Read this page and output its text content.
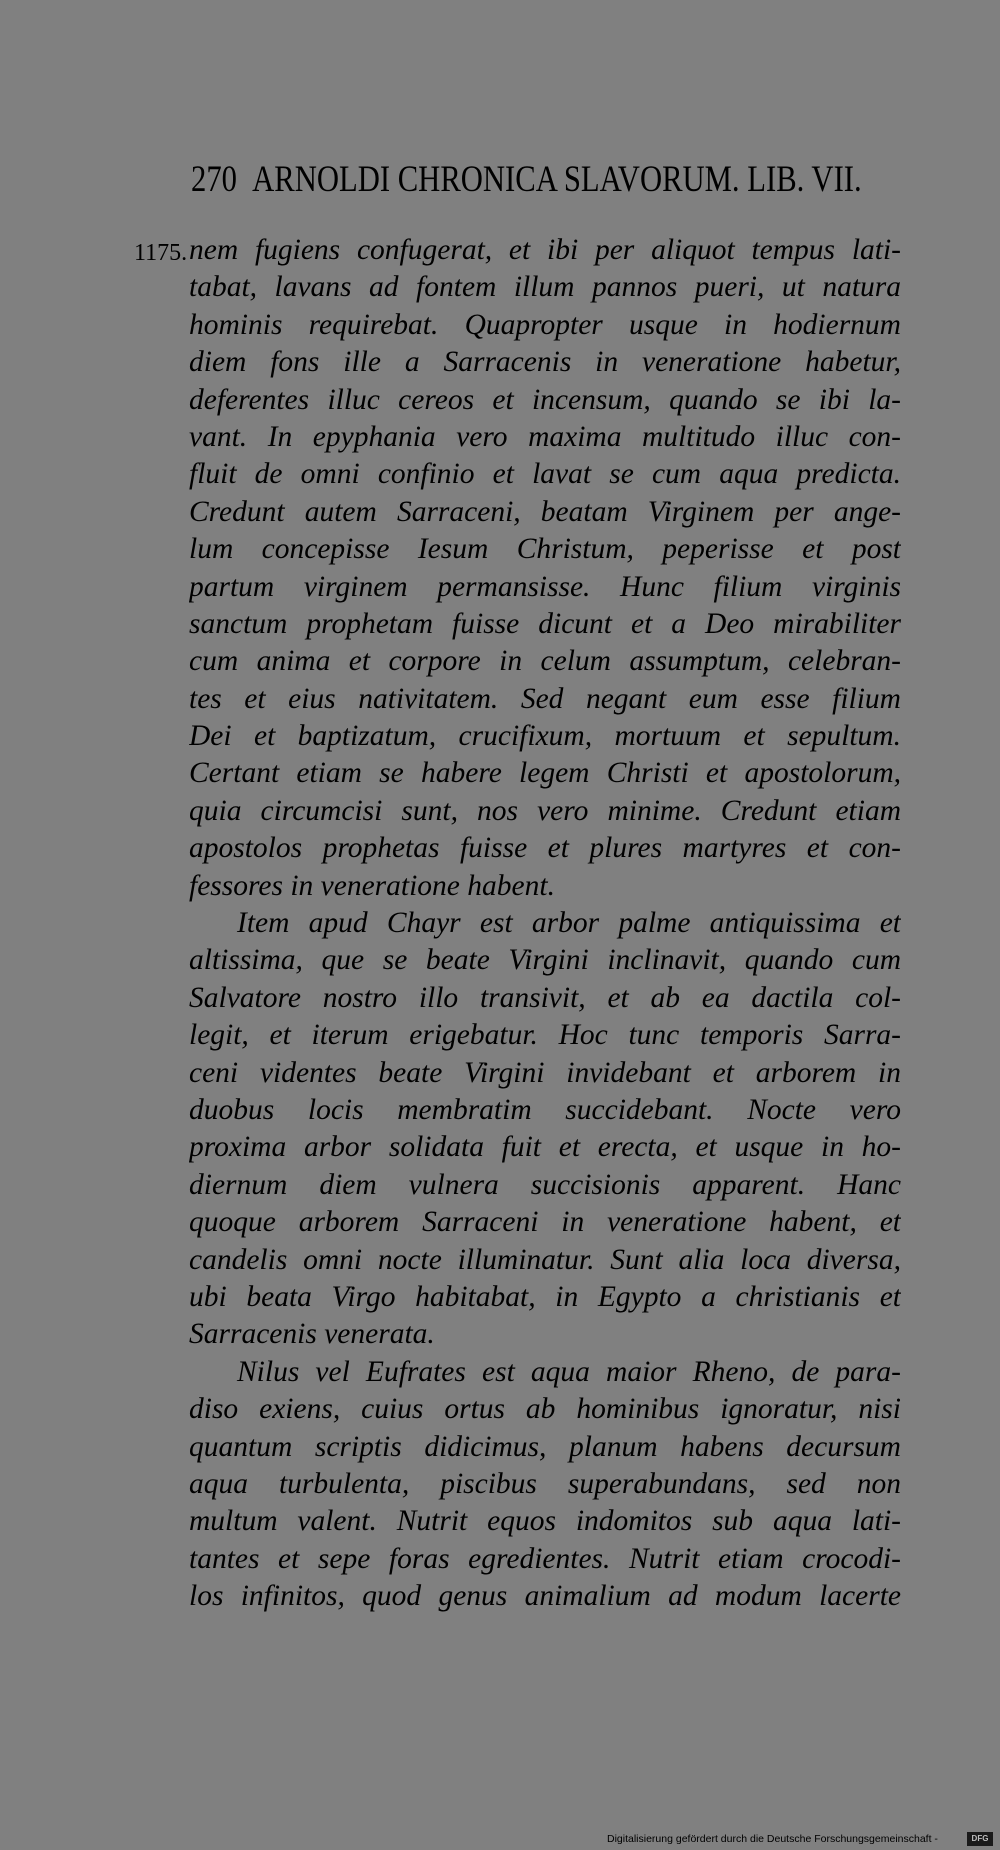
270 ARNOLDI CHRONICA SLAVORUM. LIB. VII.
1175. nem fugiens confugerat, et ibi per aliquot tempus lati-
tabat, lavans ad fontem illum pannos pueri, ut natura
hominis requirebat. Quapropter usque in hodiernum
diem fons ille a Sarracenis in veneratione habetur,
deferentes illuc cereos et incensum, quando se ibi la-
vant. In epyphania vero maxima multitudo illuc con-
fluit de omni confinio et lavat se cum aqua predicta.
Credunt autem Sarraceni, beatam Virginem per ange-
lum concepisse Iesum Christum, peperisse et post
partum virginem permansisse. Hunc filium virginis
sanctum prophetam fuisse dicunt et a Deo mirabiliter
cum anima et corpore in celum assumptum, celebran-
tes et eius nativitatem. Sed negant eum esse filium
Dei et baptizatum, crucifixum, mortuum et sepultum.
Certant etiam se habere legem Christi et apostolorum,
quia circumcisi sunt, nos vero minime. Credunt etiam
apostolos prophetas fuisse et plures martyres et con-
fessores in veneratione habent.
Item apud Chayr est arbor palme antiquissima et
altissima, que se beate Virgini inclinavit, quando cum
Salvatore nostro illo transivit, et ab ea dactila col-
legit, et iterum erigebatur. Hoc tunc temporis Sarra-
ceni videntes beate Virgini invidebant et arborem in
duobus locis membratim succidebant. Nocte vero
proxima arbor solidata fuit et erecta, et usque in ho-
diernum diem vulnera succisionis apparent. Hanc
quoque arborem Sarraceni in veneratione habent, et
candelis omni nocte illuminatur. Sunt alia loca diversa,
ubi beata Virgo habitabat, in Egypto a christianis et
Sarracenis venerata.
Nilus vel Eufrates est aqua maior Rheno, de para-
diso exiens, cuius ortus ab hominibus ignoratur, nisi
quantum scriptis didicimus, planum habens decursum
aqua turbulenta, piscibus superabundans, sed non
multum valent. Nutrit equos indomitos sub aqua lati-
tantes et sepe foras egredientes. Nutrit etiam crocodi-
los infinitos, quod genus animalium ad modum lacerte
Digitalisierung gefördert durch die Deutsche Forschungsgemeinschaft -	DFG
